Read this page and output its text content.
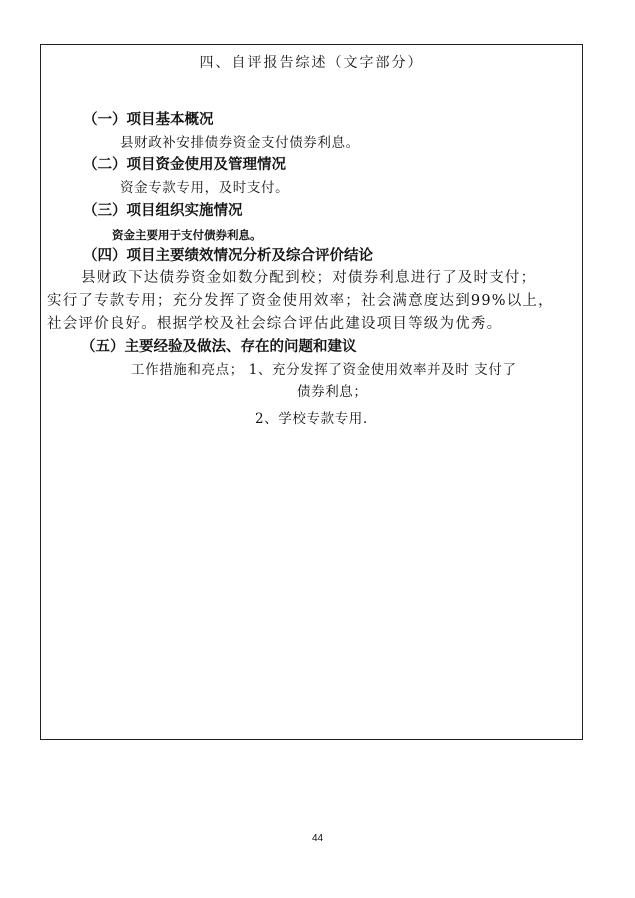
四、自评报告综述（文字部分）
（一）项目基本概况
县财政补安排债券资金支付债券利息。
（二）项目资金使用及管理情况
资金专款专用，及时支付。
（三）项目组织实施情况
资金主要用于支付债券利息。
（四）项目主要绩效情况分析及综合评价结论
县财政下达债券资金如数分配到校；对债券利息进行了及时支付；
实行了专款专用；充分发挥了资金使用效率；社会满意度达到99%以上，
社会评价良好。根据学校及社会综合评估此建设项目等级为优秀。
（五）主要经验及做法、存在的问题和建议
工作措施和亮点； 1、充分发挥了资金使用效率并及时 支付了
债券利息；
2、学校专款专用.
44
